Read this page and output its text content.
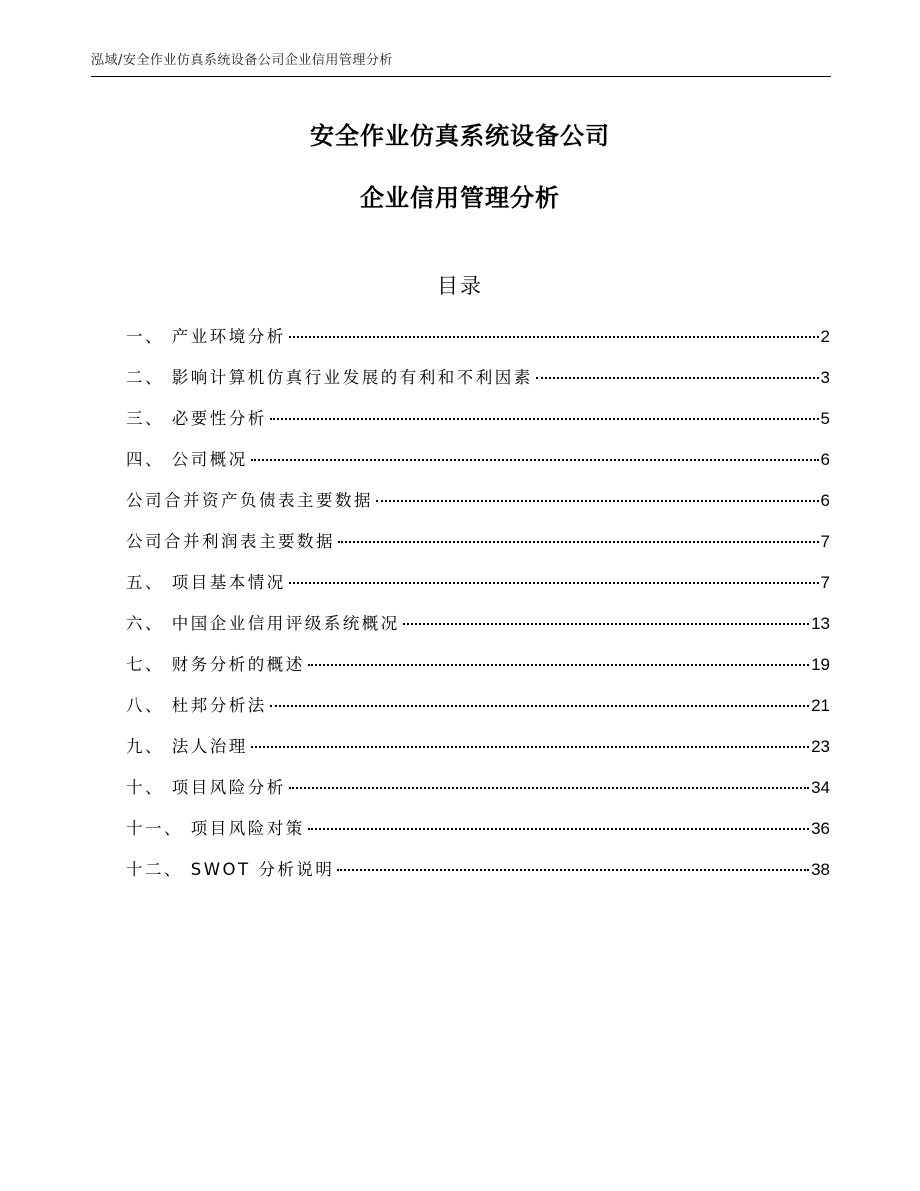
泓域/安全作业仿真系统设备公司企业信用管理分析
安全作业仿真系统设备公司
企业信用管理分析
目录
一、 产业环境分析	2
二、 影响计算机仿真行业发展的有利和不利因素	3
三、 必要性分析	5
四、 公司概况	6
公司合并资产负债表主要数据	6
公司合并利润表主要数据	7
五、 项目基本情况	7
六、 中国企业信用评级系统概况	13
七、 财务分析的概述	19
八、 杜邦分析法	21
九、 法人治理	23
十、 项目风险分析	34
十一、 项目风险对策	36
十二、 SWOT 分析说明	38
